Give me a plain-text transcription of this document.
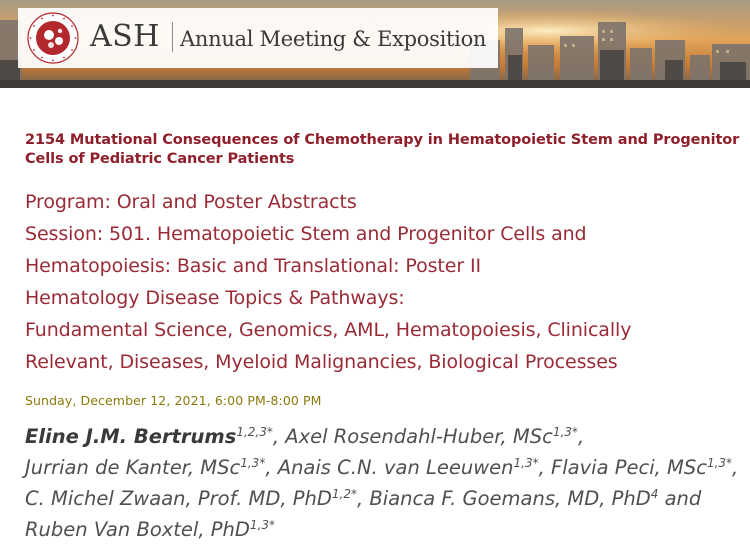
ASH Annual Meeting & Exposition
2154 Mutational Consequences of Chemotherapy in Hematopoietic Stem and Progenitor Cells of Pediatric Cancer Patients
Program: Oral and Poster Abstracts
Session: 501. Hematopoietic Stem and Progenitor Cells and
Hematopoiesis: Basic and Translational: Poster II
Hematology Disease Topics & Pathways:
Fundamental Science, Genomics, AML, Hematopoiesis, Clinically
Relevant, Diseases, Myeloid Malignancies, Biological Processes
Sunday, December 12, 2021, 6:00 PM-8:00 PM
Eline J.M. Bertrums$^{1,2,3*}$, Axel Rosendahl-Huber, MSc$^{1,3*}$,
Jurrian de Kanter, MSc$^{1,3*}$, Anais C.N. van Leeuwen$^{1,3*}$, Flavia Peci, MSc$^{1,3*}$, C. Michel Zwaan, Prof. MD, PhD$^{1,2*}$, Bianca F. Goemans, MD, PhD$^4$ and Ruben Van Boxtel, PhD$^{1,3*}$
